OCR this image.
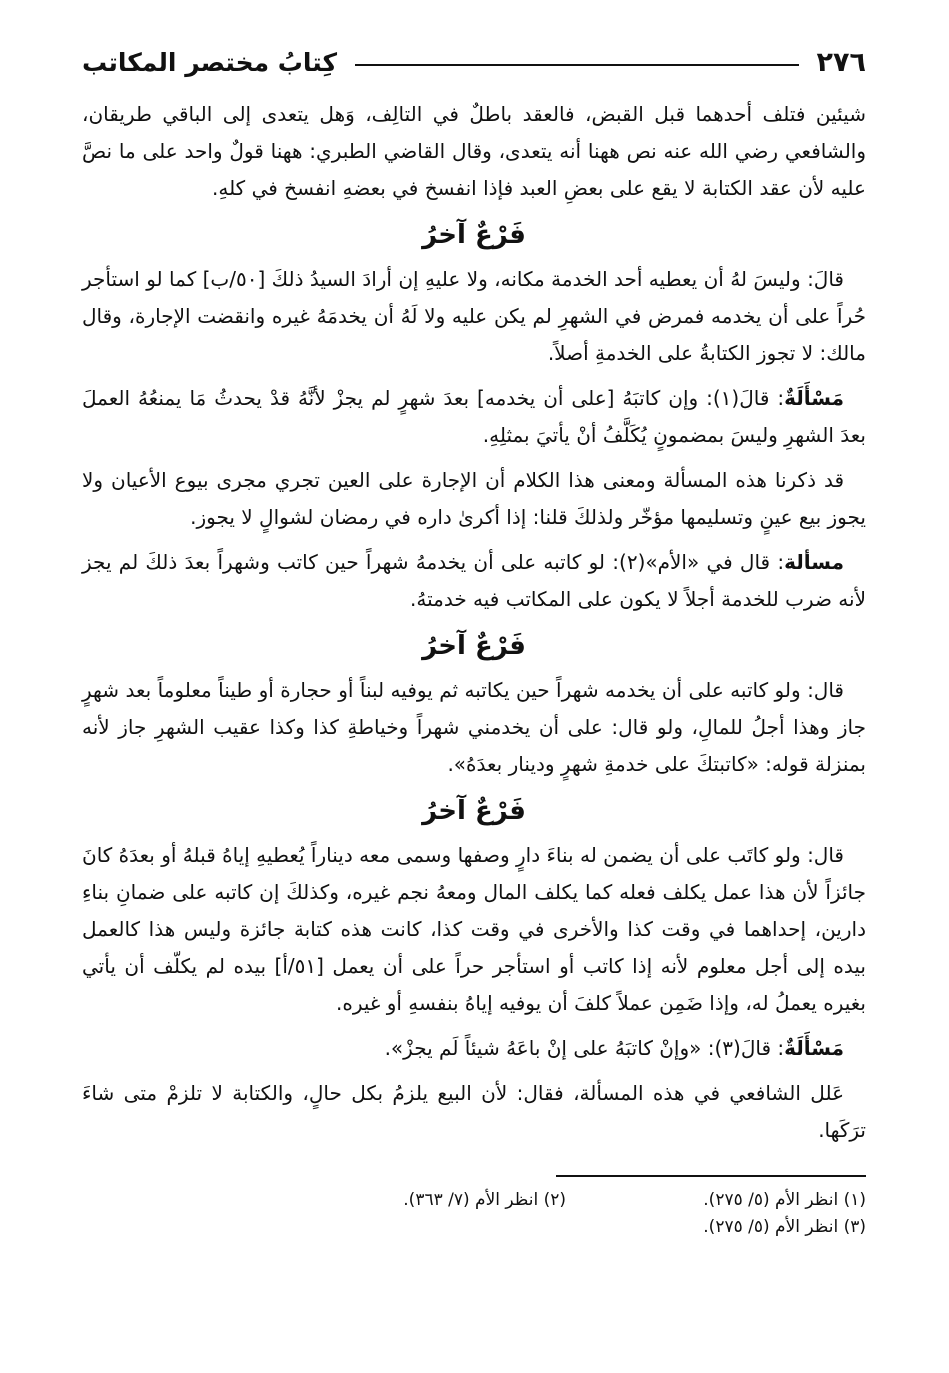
٢٧٦
كِتابُ مختصر المكاتب

شيئين فتلف أحدهما قبل القبض، فالعقد باطلٌ في التالِف، وَهل يتعدى إلى الباقي طريقان، والشافعي رضي الله عنه نص ههنا أنه يتعدى، وقال القاضي الطبري: ههنا قولٌ واحد على ما نصَّ عليه لأن عقد الكتابة لا يقع على بعضِ العبد فإذا انفسخ في بعضهِ انفسخ في كلهِ.

فَرْعٌ آخرُ

قالَ: وليسَ لهُ أن يعطيه أحد الخدمة مكانه، ولا عليهِ إن أرادَ السيدُ ذلكَ [٥٠/ب] كما لو استأجر حُراً على أن يخدمه فمرض في الشهرِ لم يكن عليه ولا لَهُ أن يخدمَهُ غيره وانقضت الإجارة، وقال مالك: لا تجوز الكتابةُ على الخدمةِ أصلاً.

مَسْأَلَةٌ: قالَ(١): وإن كاتبَهُ [على أن يخدمه] بعدَ شهرٍ لم يجزْ لأنَّهُ قدْ يحدثُ مَا يمنعُهُ العملَ بعدَ الشهرِ وليسَ بمضمونٍ يُكَلَّفُ أنْ يأتيَ بمثلِهِ.

قد ذكرنا هذه المسألة ومعنى هذا الكلام أن الإجارة على العين تجري مجرى بيوع الأعيان ولا يجوز بيع عينٍ وتسليمها مؤخّر ولذلكَ قلنا: إذا أكرىٰ داره في رمضان لشوالٍ لا يجوز.

مسألة: قال في «الأم»(٢): لو كاتبه على أن يخدمهُ شهراً حين كاتب وشهراً بعدَ ذلكَ لم يجز لأنه ضرب للخدمة أجلاً لا يكون على المكاتب فيه خدمتهُ.

فَرْعٌ آخرُ

قال: ولو كاتبه على أن يخدمه شهراً حين يكاتبه ثم يوفيه لبناً أو حجارة أو طيناً معلوماً بعد شهرٍ جاز وهذا أجلُ للمالِ، ولو قال: على أن يخدمني شهراً وخياطةِ كذا وكذا عقيب الشهرِ جاز لأنه بمنزلة قوله: «كاتبتكَ على خدمةِ شهرٍ ودينار بعدَهُ».

فَرْعٌ آخرُ

قال: ولو كاتَب على أن يضمن له بناءَ دارٍ وصفها وسمى معه ديناراً يُعطيهِ إياهُ قبلهُ أو بعدَهُ كانَ جائزاً لأن هذا عمل يكلف فعله كما يكلف المال ومعهُ نجم غيره، وكذلكَ إن كاتبه على ضمانِ بناءِ دارين، إحداهما في وقت كذا والأخرى في وقت كذا، كانت هذه كتابة جائزة وليس هذا كالعمل بيده إلى أجل معلوم لأنه إذا كاتب أو استأجر حراً على أن يعمل [٥١/أ] بيده لم يكلّف أن يأتي بغيره يعملُ له، وإذا ضَمِن عملاً كلفَ أن يوفيه إياهُ بنفسهِ أو غيره.

مَسْأَلَةٌ: قالَ(٣): «وإنْ كاتبَهُ على إنْ باعَهُ شيئاً لَم يجزْ».

عَلل الشافعي في هذه المسألة، فقال: لأن البيع يلزمُ بكل حالٍ، والكتابة لا تلزمْ متى شاءَ ترَكَها.

(١) انظر الأم (٥/ ٢٧٥).
(٢) انظر الأم (٧/ ٣٦٣).
(٣) انظر الأم (٥/ ٢٧٥).
